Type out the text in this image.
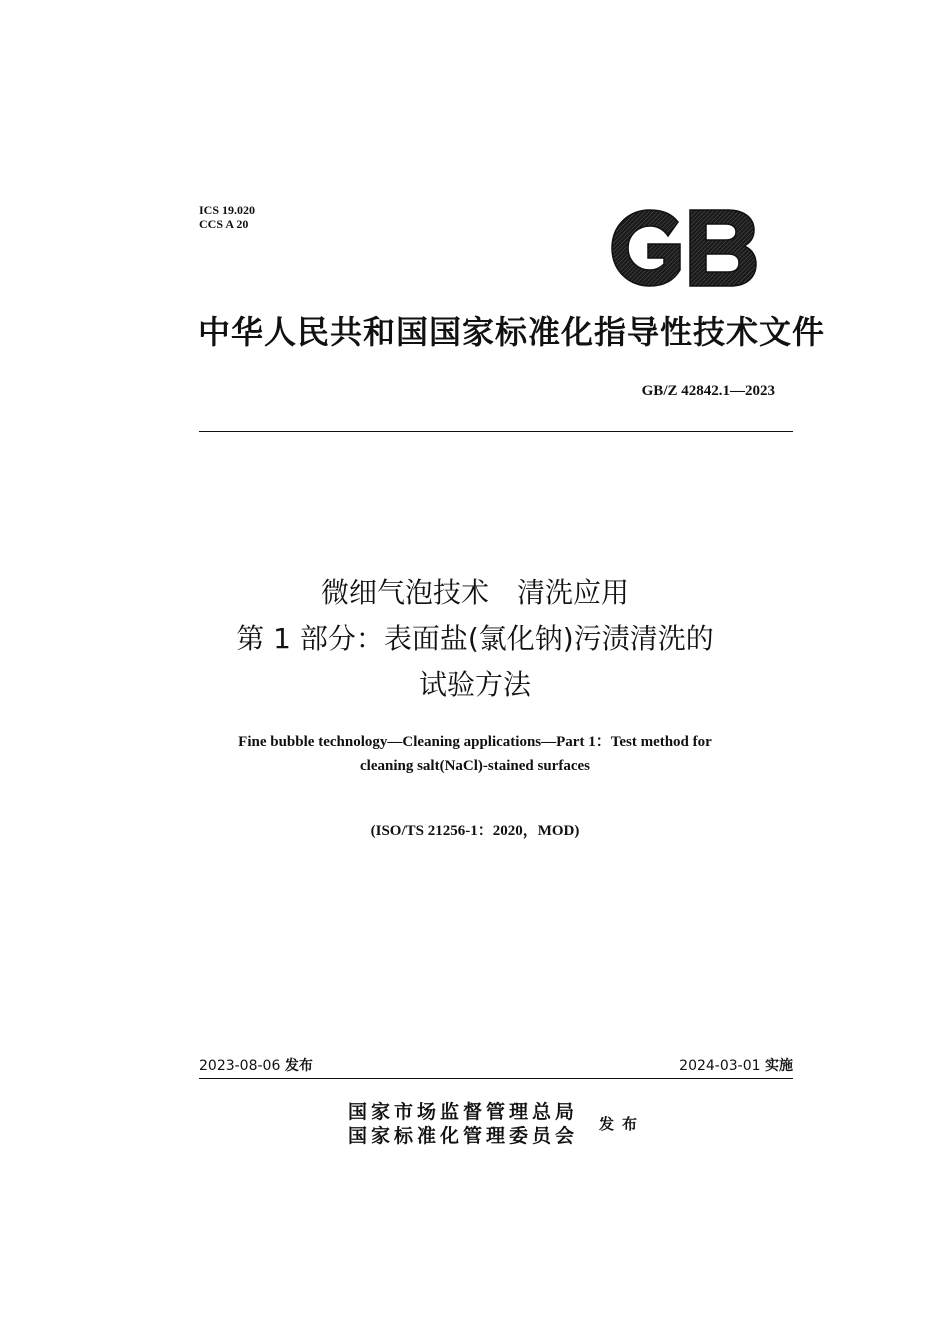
ICS 19.020
CCS A 20
中华人民共和国国家标准化指导性技术文件
GB/Z 42842.1—2023
微细气泡技术　清洗应用
第 1 部分：表面盐(氯化钠)污渍清洗的
试验方法
Fine bubble technology—Cleaning applications—Part 1：Test method for
cleaning salt(NaCl)-stained surfaces
(ISO/TS 21256-1：2020，MOD)
2023-08-06 发布	2024-03-01 实施
国家市场监督管理总局
国家标准化管理委员会
发布
